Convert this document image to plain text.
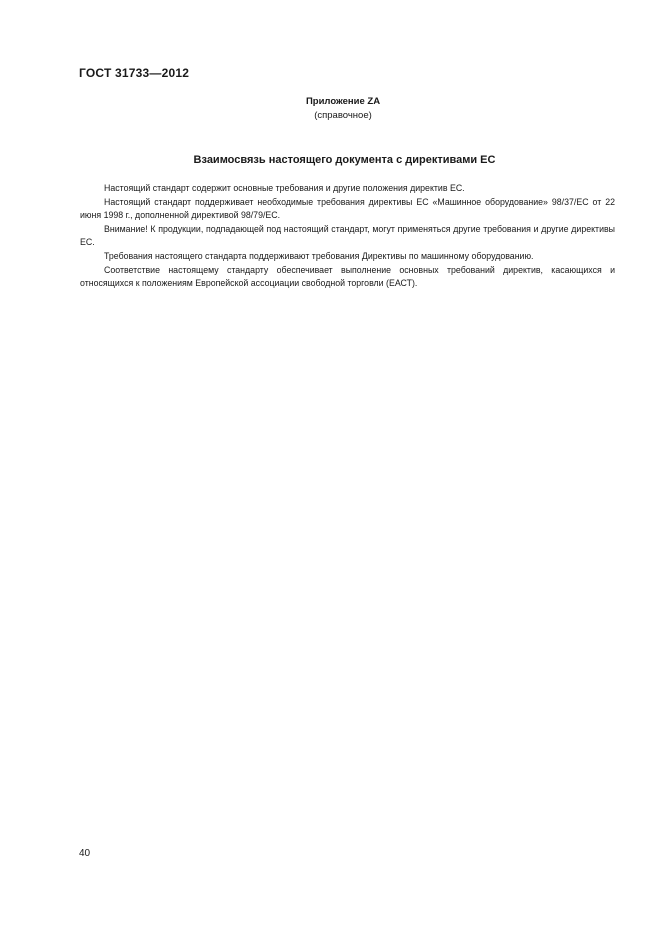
ГОСТ 31733—2012
Приложение ZA
(справочное)
Взаимосвязь настоящего документа с директивами ЕС

Настоящий стандарт содержит основные требования и другие положения директив ЕС.

Настоящий стандарт поддерживает необходимые требования директивы ЕС «Машинное оборудование» 98/37/ЕС от 22 июня 1998 г., дополненной директивой 98/79/ЕС.

Внимание! К продукции, подпадающей под настоящий стандарт, могут применяться другие требования и другие директивы ЕС.

Требования настоящего стандарта поддерживают требования Директивы по машинному оборудованию.

Соответствие настоящему стандарту обеспечивает выполнение основных требований директив, касающихся и относящихся к положениям Европейской ассоциации свободной торговли (ЕАСТ).

40
